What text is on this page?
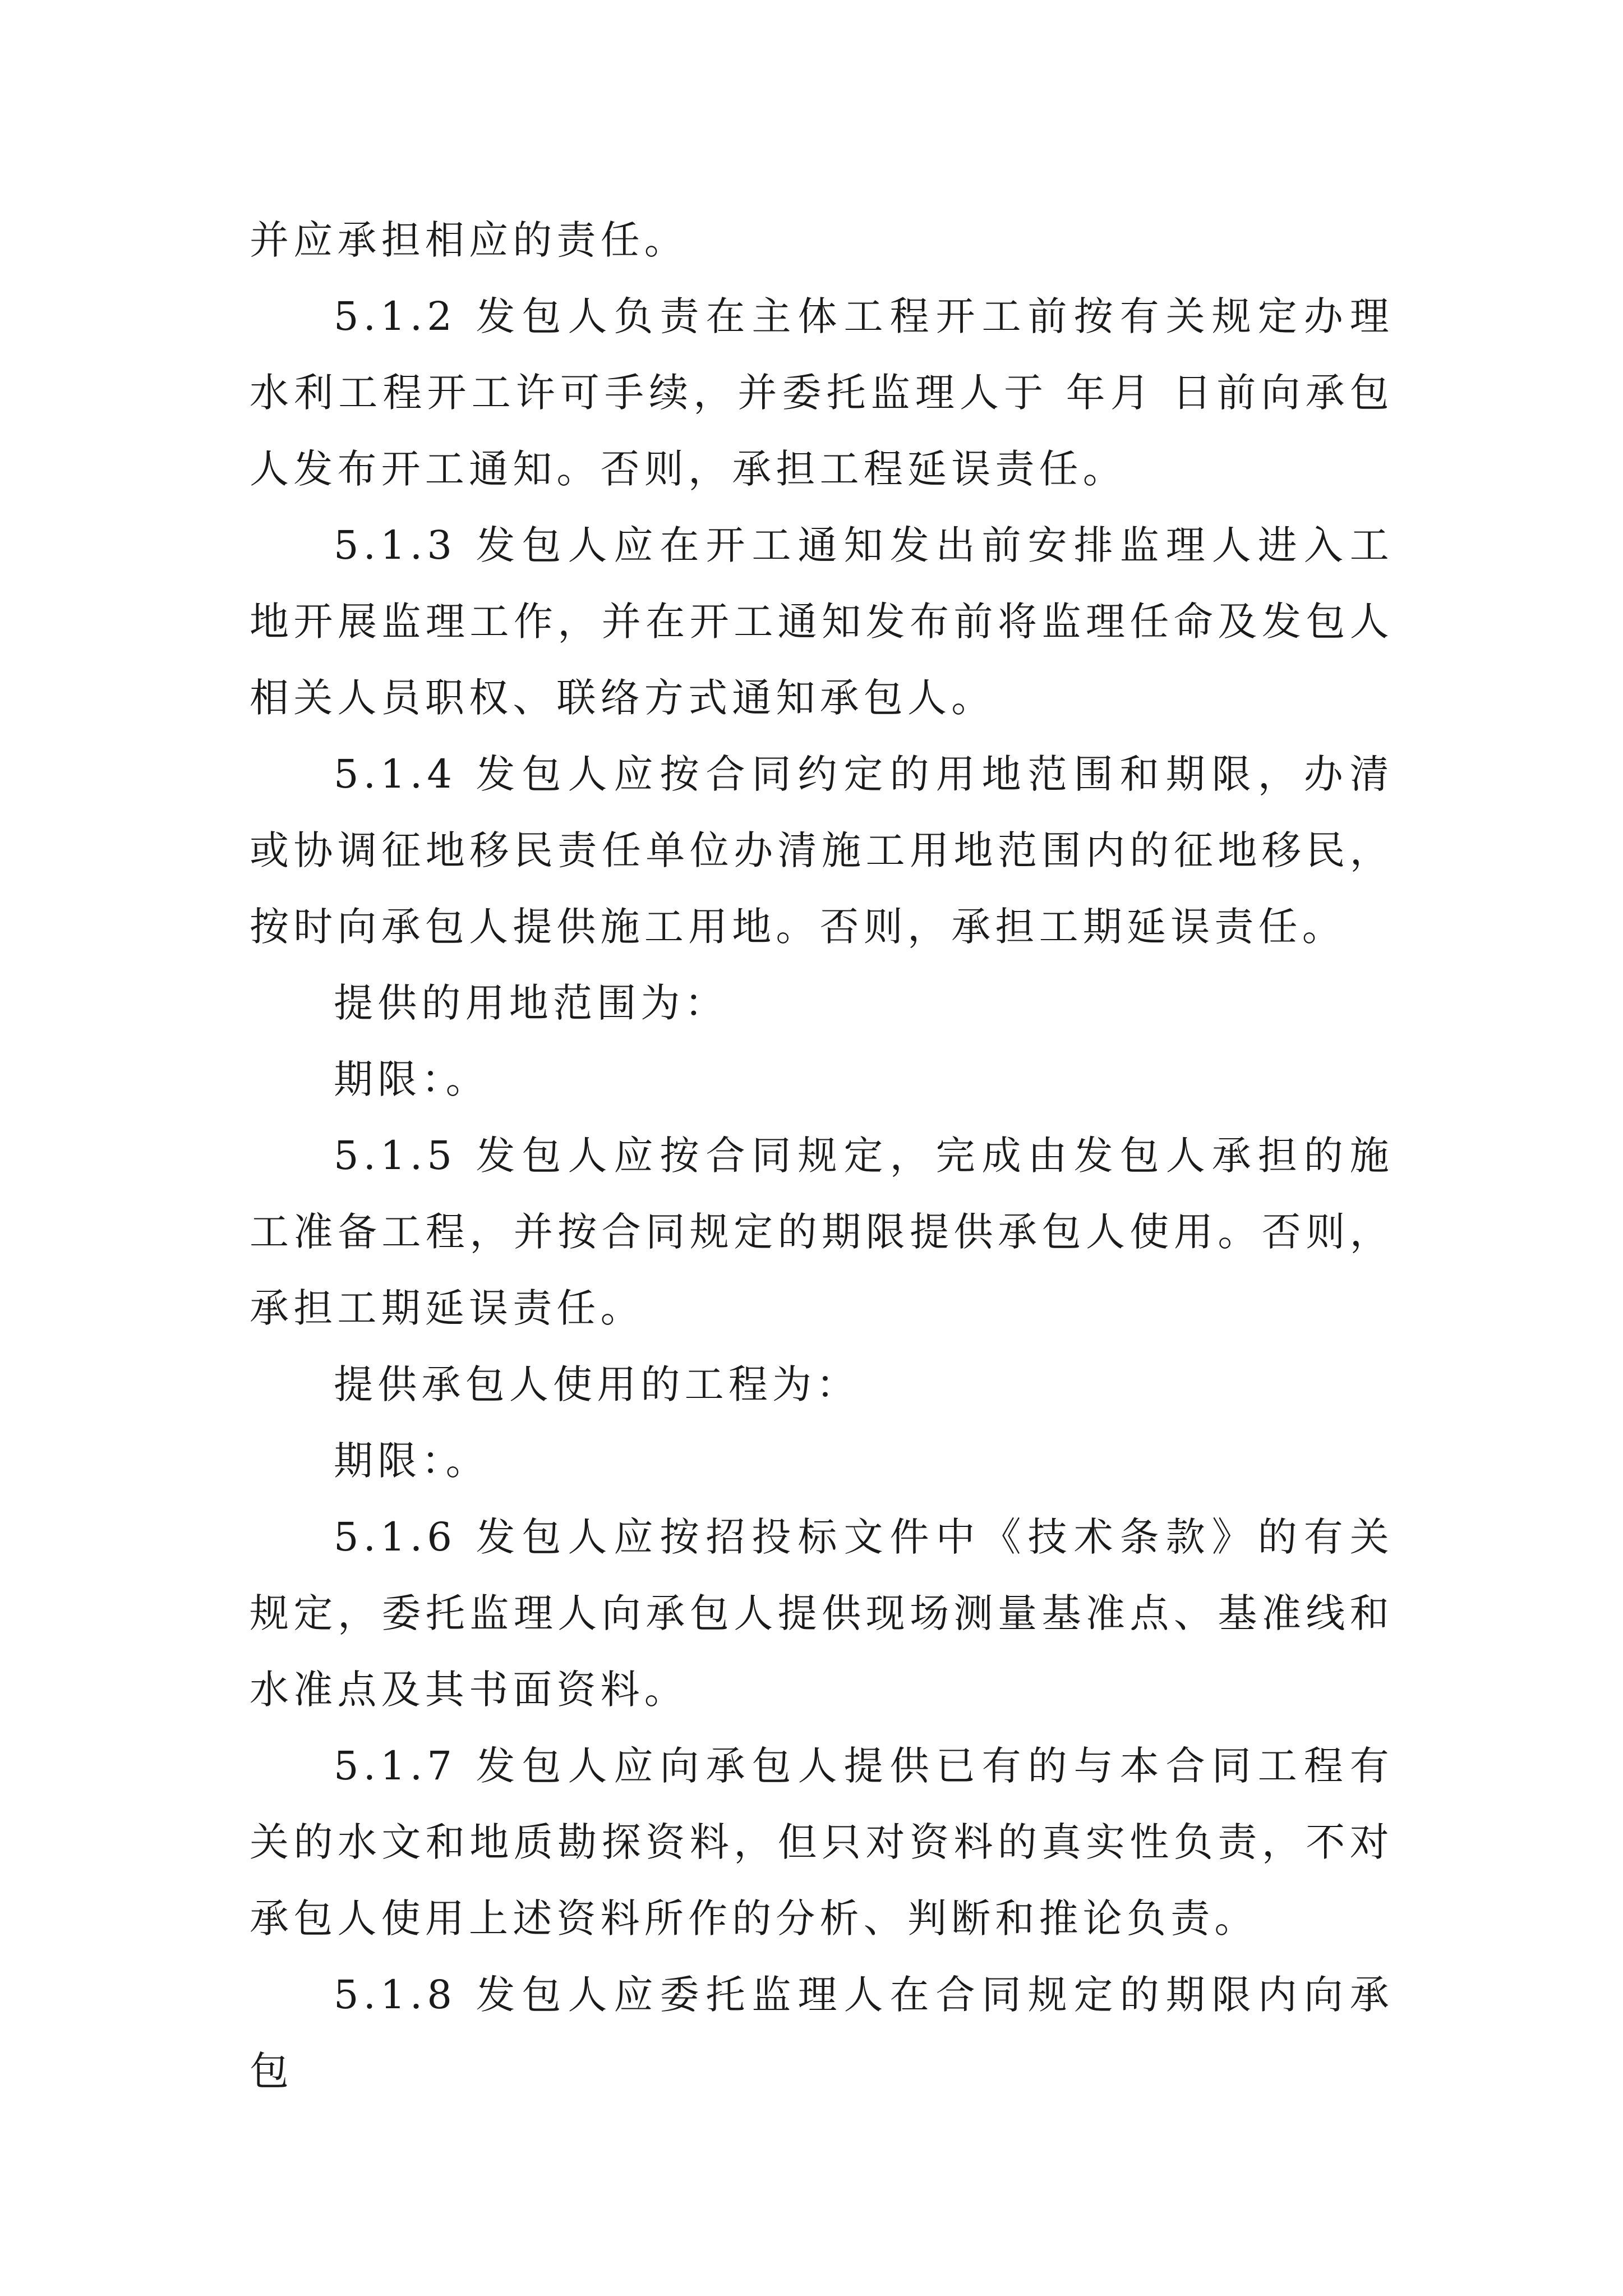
并应承担相应的责任。

5.1.2 发包人负责在主体工程开工前按有关规定办理水利工程开工许可手续，并委托监理人于 年月 日前向承包人发布开工通知。否则，承担工程延误责任。

5.1.3 发包人应在开工通知发出前安排监理人进入工地开展监理工作，并在开工通知发布前将监理任命及发包人相关人员职权、联络方式通知承包人。

5.1.4 发包人应按合同约定的用地范围和期限，办清或协调征地移民责任单位办清施工用地范围内的征地移民，按时向承包人提供施工用地。否则，承担工期延误责任。

提供的用地范围为：

期限：。

5.1.5 发包人应按合同规定，完成由发包人承担的施工准备工程，并按合同规定的期限提供承包人使用。否则，承担工期延误责任。

提供承包人使用的工程为：

期限：。

5.1.6 发包人应按招投标文件中《技术条款》的有关规定，委托监理人向承包人提供现场测量基准点、基准线和水准点及其书面资料。

5.1.7 发包人应向承包人提供已有的与本合同工程有关的水文和地质勘探资料，但只对资料的真实性负责，不对承包人使用上述资料所作的分析、判断和推论负责。

5.1.8 发包人应委托监理人在合同规定的期限内向承包
